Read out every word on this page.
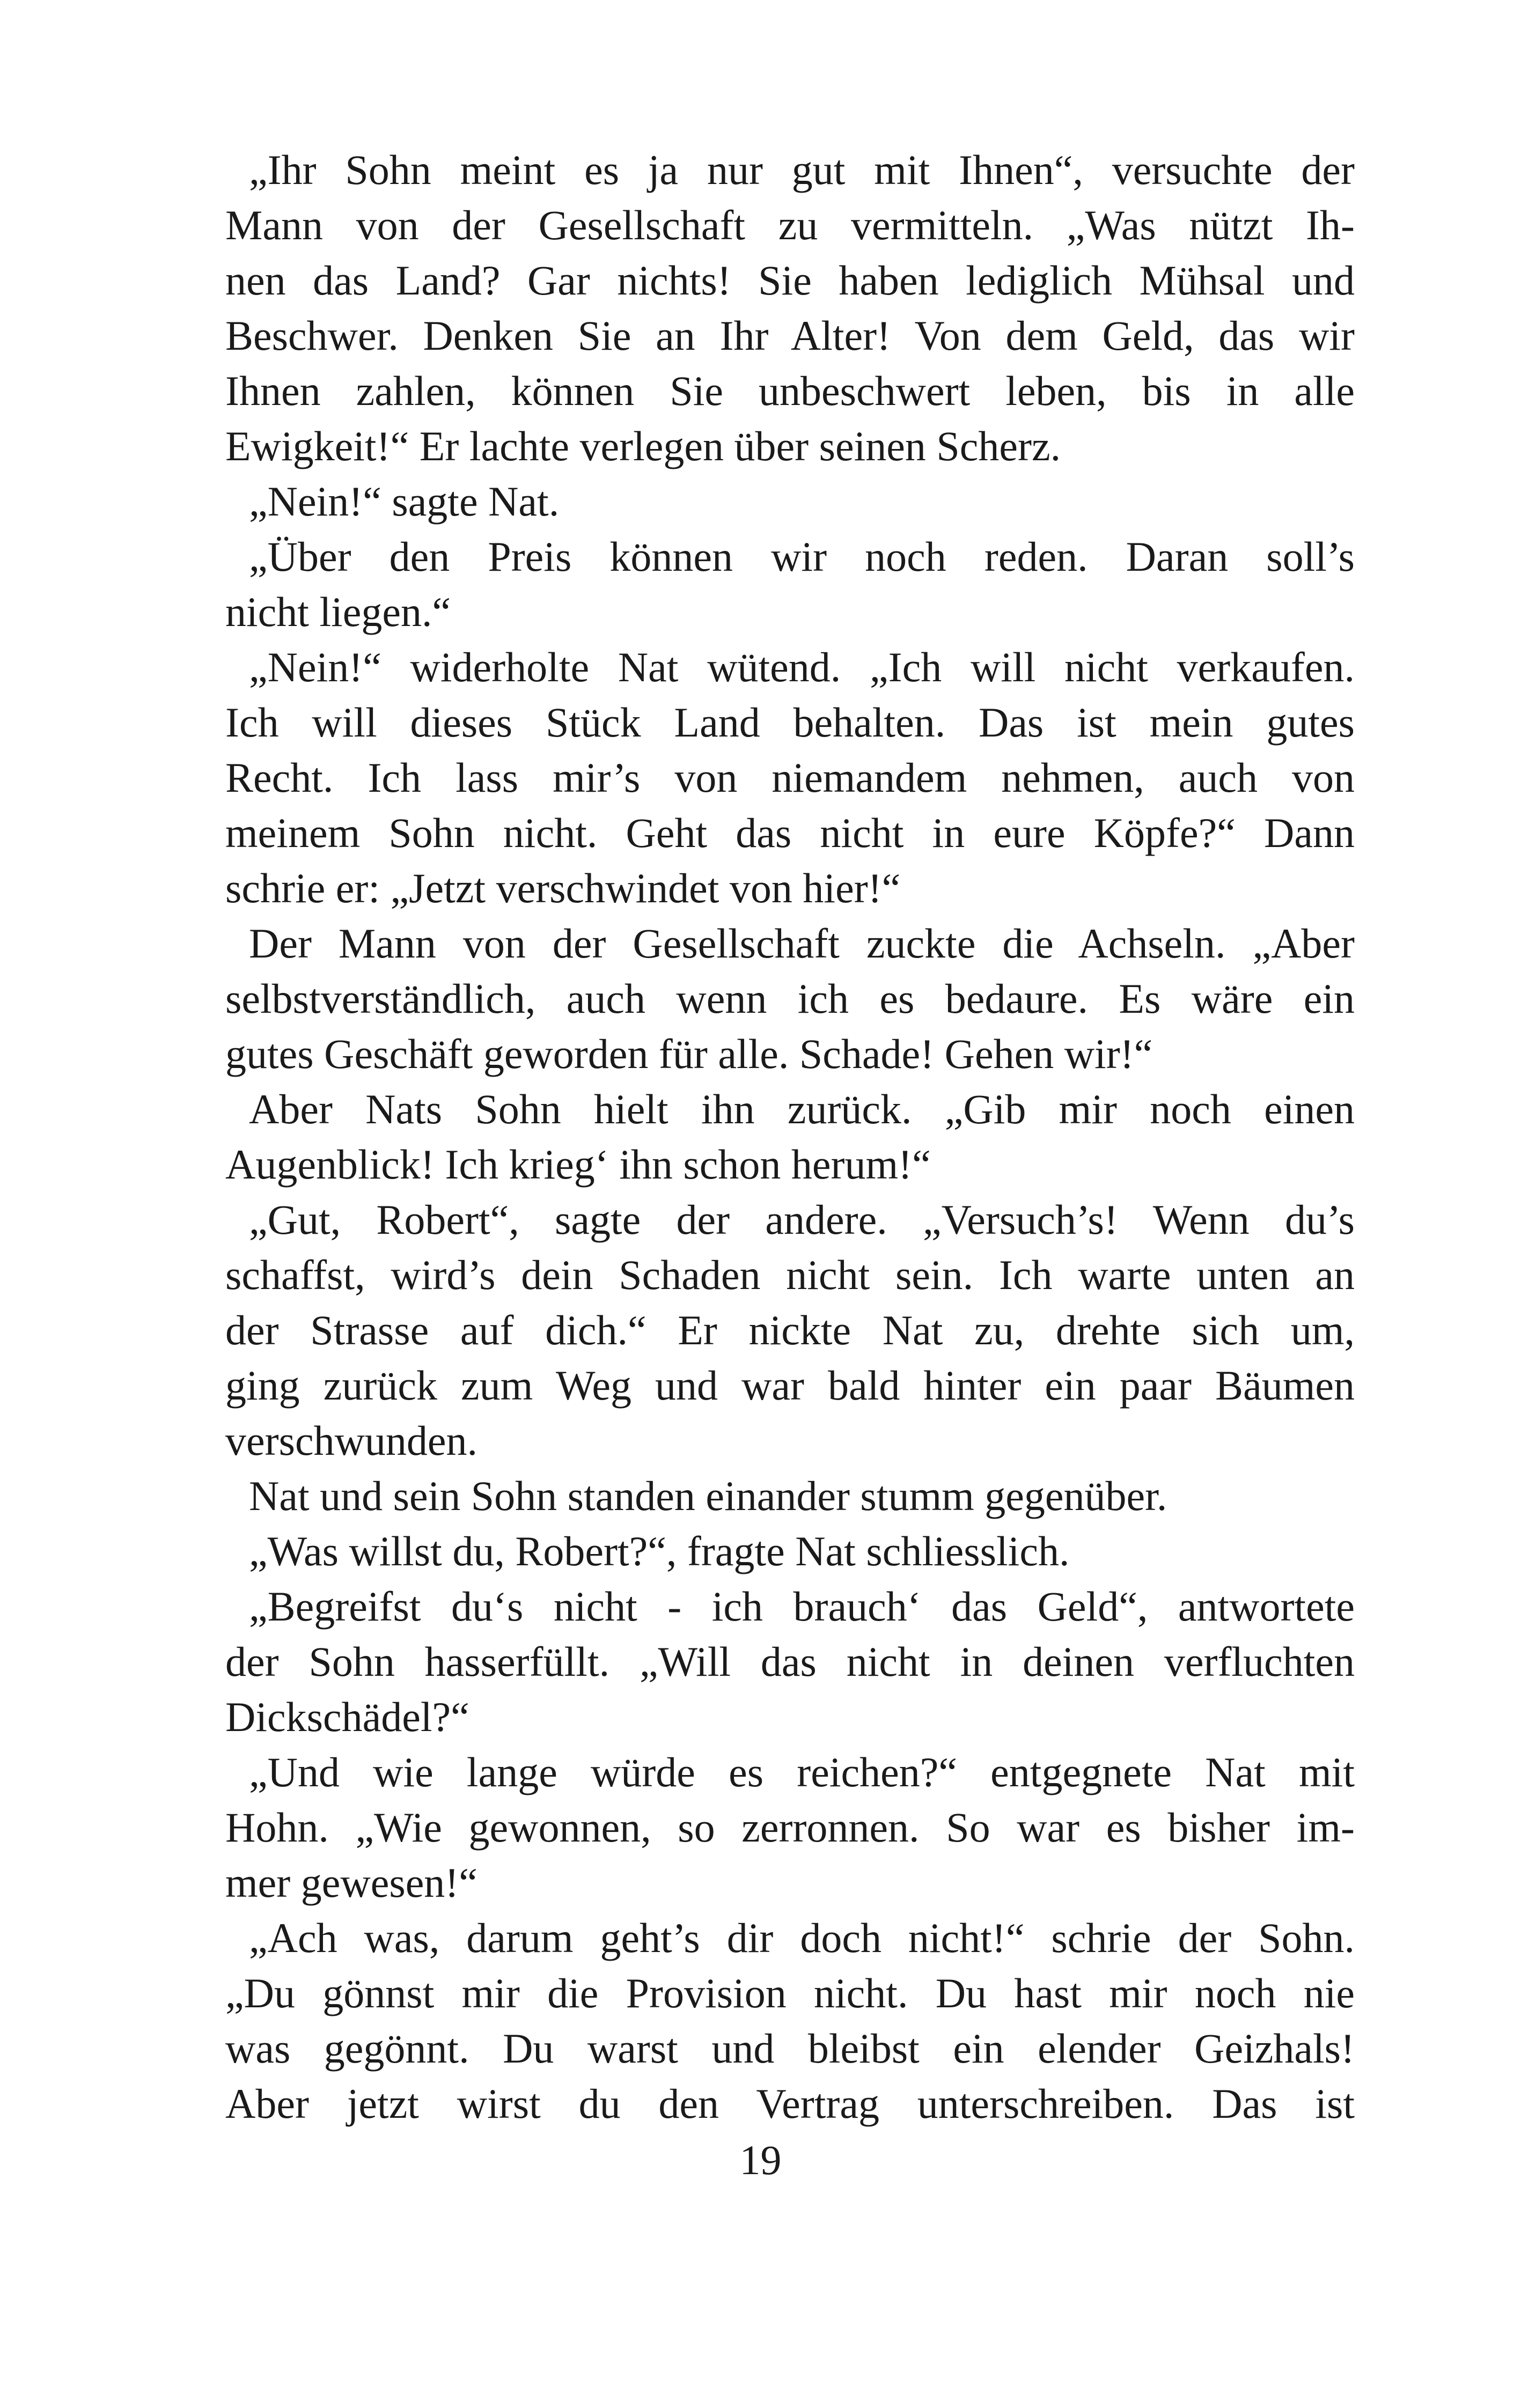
„Ihr Sohn meint es ja nur gut mit Ihnen“, versuchte der
Mann von der Gesellschaft zu vermitteln. „Was nützt Ih-
nen das Land? Gar nichts! Sie haben lediglich Mühsal und
Beschwer. Denken Sie an Ihr Alter! Von dem Geld, das wir
Ihnen zahlen, können Sie unbeschwert leben, bis in alle
Ewigkeit!“ Er lachte verlegen über seinen Scherz.
„Nein!“ sagte Nat.
„Über den Preis können wir noch reden. Daran soll’s
nicht liegen.“
„Nein!“ widerholte Nat wütend. „Ich will nicht verkaufen.
Ich will dieses Stück Land behalten. Das ist mein gutes
Recht. Ich lass mir’s von niemandem nehmen, auch von
meinem Sohn nicht. Geht das nicht in eure Köpfe?“ Dann
schrie er: „Jetzt verschwindet von hier!“
Der Mann von der Gesellschaft zuckte die Achseln. „Aber
selbstverständlich, auch wenn ich es bedaure. Es wäre ein
gutes Geschäft geworden für alle. Schade! Gehen wir!“
Aber Nats Sohn hielt ihn zurück. „Gib mir noch einen
Augenblick! Ich krieg‘ ihn schon herum!“
„Gut, Robert“, sagte der andere. „Versuch’s! Wenn du’s
schaffst, wird’s dein Schaden nicht sein. Ich warte unten an
der Strasse auf dich.“ Er nickte Nat zu, drehte sich um,
ging zurück zum Weg und war bald hinter ein paar Bäumen
verschwunden.
Nat und sein Sohn standen einander stumm gegenüber.
„Was willst du, Robert?“, fragte Nat schliesslich.
„Begreifst du‘s nicht - ich brauch‘ das Geld“, antwortete
der Sohn hasserfüllt. „Will das nicht in deinen verfluchten
Dickschädel?“
„Und wie lange würde es reichen?“ entgegnete Nat mit
Hohn. „Wie gewonnen, so zerronnen. So war es bisher im-
mer gewesen!“
„Ach was, darum geht’s dir doch nicht!“ schrie der Sohn.
„Du gönnst mir die Provision nicht. Du hast mir noch nie
was gegönnt. Du warst und bleibst ein elender Geizhals!
Aber jetzt wirst du den Vertrag unterschreiben. Das ist
19
